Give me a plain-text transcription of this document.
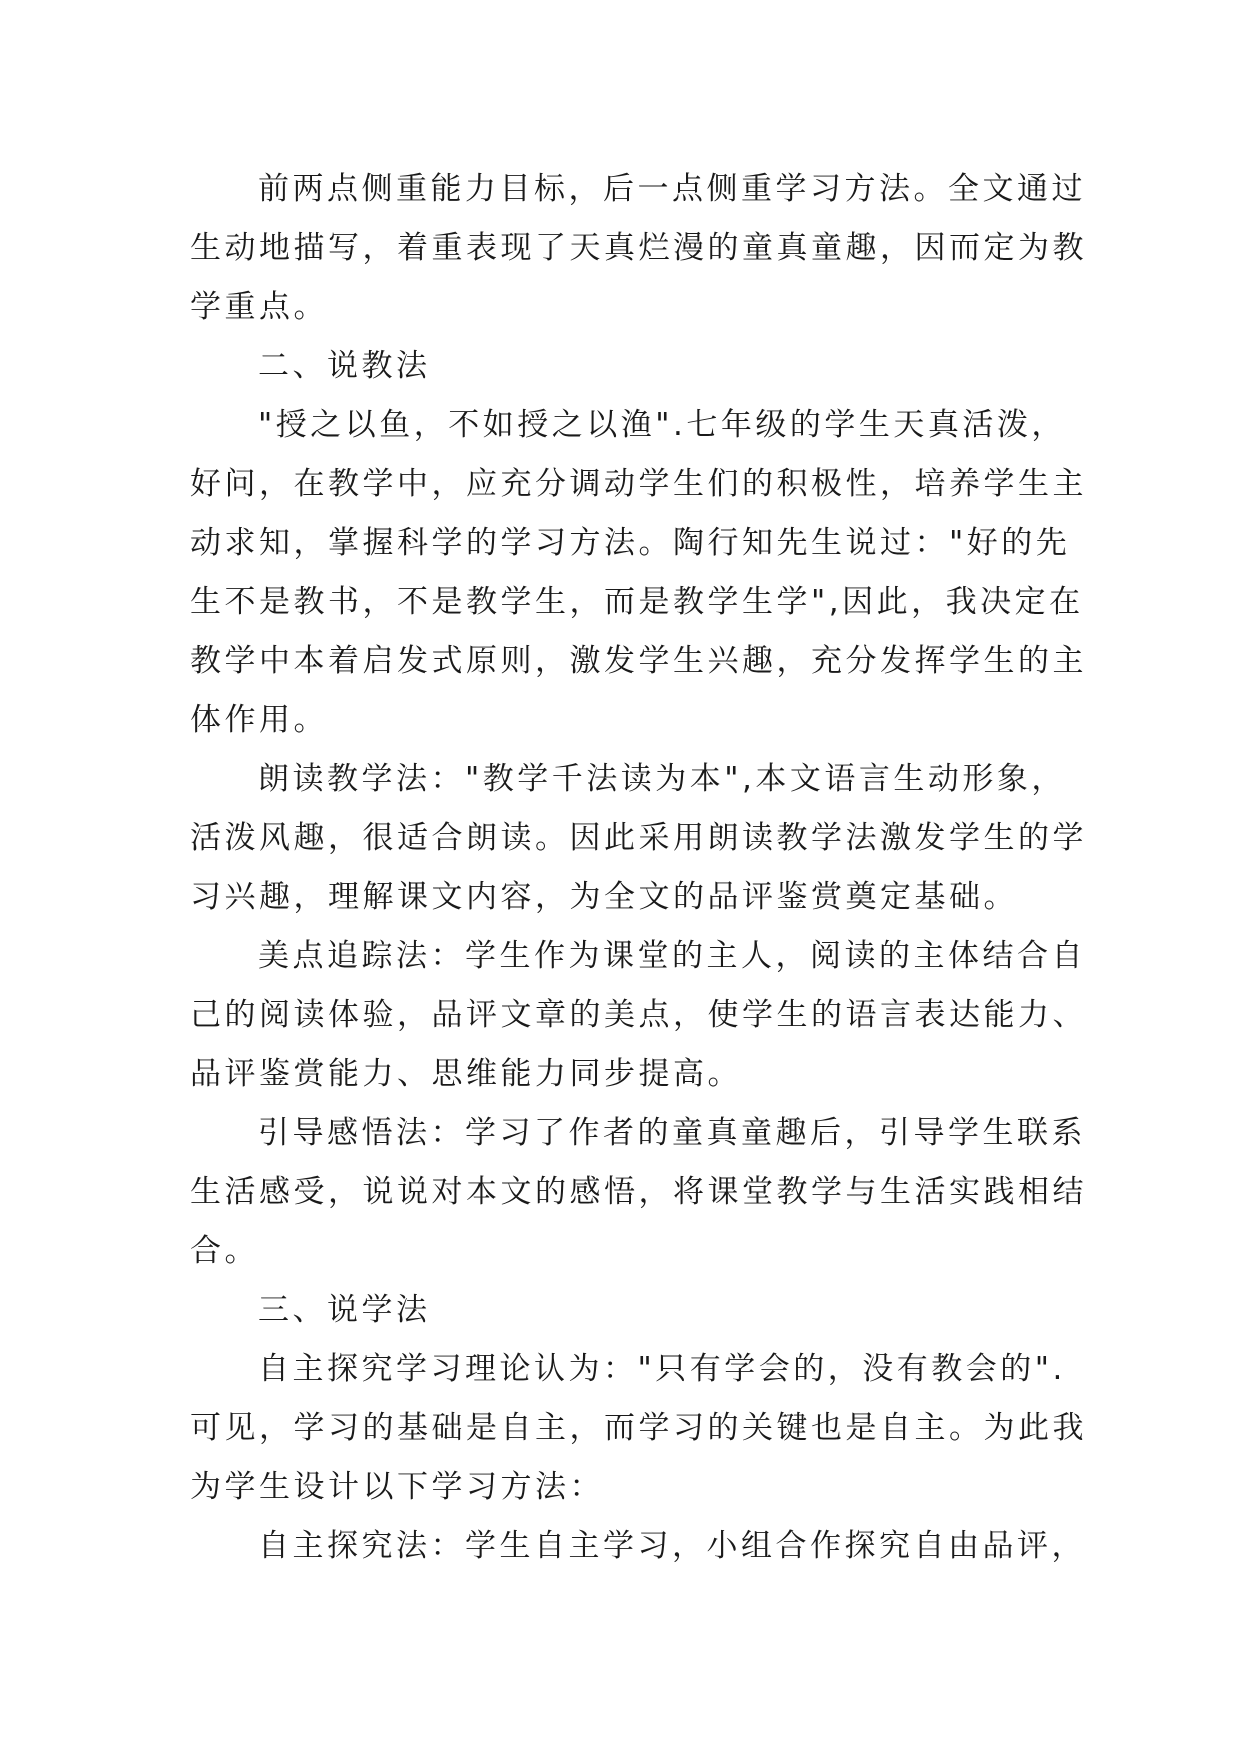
前两点侧重能力目标，后一点侧重学习方法。全文通过
生动地描写，着重表现了天真烂漫的童真童趣，因而定为教
学重点。
二、说教法
"授之以鱼，不如授之以渔".七年级的学生天真活泼，
好问，在教学中，应充分调动学生们的积极性，培养学生主
动求知，掌握科学的学习方法。陶行知先生说过："好的先
生不是教书，不是教学生，而是教学生学",因此，我决定在
教学中本着启发式原则，激发学生兴趣，充分发挥学生的主
体作用。
朗读教学法："教学千法读为本",本文语言生动形象，
活泼风趣，很适合朗读。因此采用朗读教学法激发学生的学
习兴趣，理解课文内容，为全文的品评鉴赏奠定基础。
美点追踪法：学生作为课堂的主人，阅读的主体结合自
己的阅读体验，品评文章的美点，使学生的语言表达能力、
品评鉴赏能力、思维能力同步提高。
引导感悟法：学习了作者的童真童趣后，引导学生联系
生活感受，说说对本文的感悟，将课堂教学与生活实践相结
合。
三、说学法
自主探究学习理论认为："只有学会的，没有教会的".
可见，学习的基础是自主，而学习的关键也是自主。为此我
为学生设计以下学习方法：
自主探究法：学生自主学习，小组合作探究自由品评，
